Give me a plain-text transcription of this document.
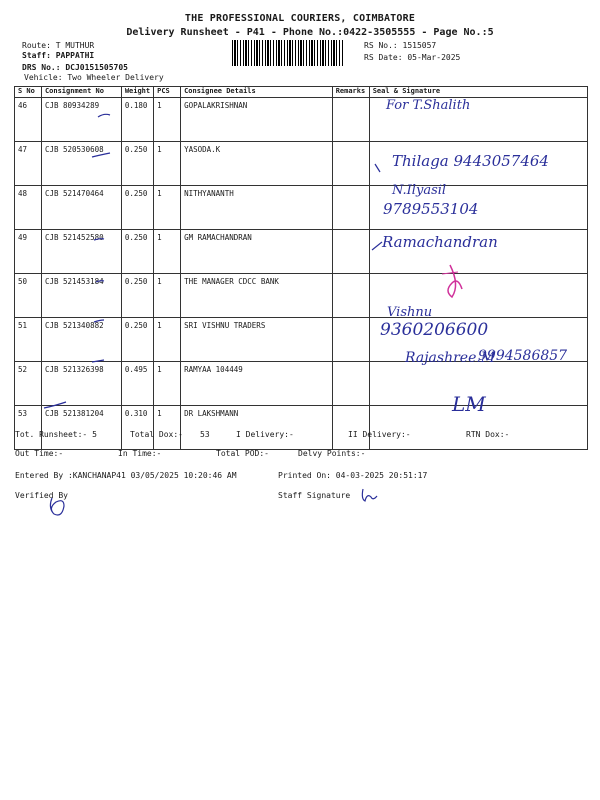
THE PROFESSIONAL COURIERS, COIMBATORE
Delivery Runsheet - P41 - Phone No.:0422-3505555 - Page No.:5
Route: T MUTHUR
Staff: PAPPATHI
DRS No.: DCJ0151505705
Vehicle: Two Wheeler Delivery
RS No.: 1515057
RS Date: 05-Mar-2025
S No	Consignment No	Weight	PCS	Consignee Details	Remarks	Seal & Signature
46	CJB 80934289	0.180	1	GOPALAKRISHNAN		
47	CJB 520530608	0.250	1	YASODA.K		
48	CJB 521470464	0.250	1	NITHYANANTH		
49	CJB 521452580	0.250	1	GM RAMACHANDRAN		
50	CJB 521453184	0.250	1	THE MANAGER CDCC BANK		
51	CJB 521340882	0.250	1	SRI VISHNU TRADERS		
52	CJB 521326398	0.495	1	RAMYAA 104449		
53	CJB 521381204	0.310	1	DR LAKSHMANN		
For T.Shalith
Thilaga 9443057464
N.Ilyasil
9789553104
Ramachandran
Vishnu
9360206600
Rajashree.M
9994586857
LM
Tot. Runsheet:- 5	Total Dox:- 53	I Delivery:-	II Delivery:-	RTN Dox:-
Out Time:-	In Time:-	Total POD:-	Delvy Points:-
Entered By :KANCHANAP41 03/05/2025 10:20:46 AM	Printed On: 04-03-2025 20:51:17
Verified By	Staff Signature
